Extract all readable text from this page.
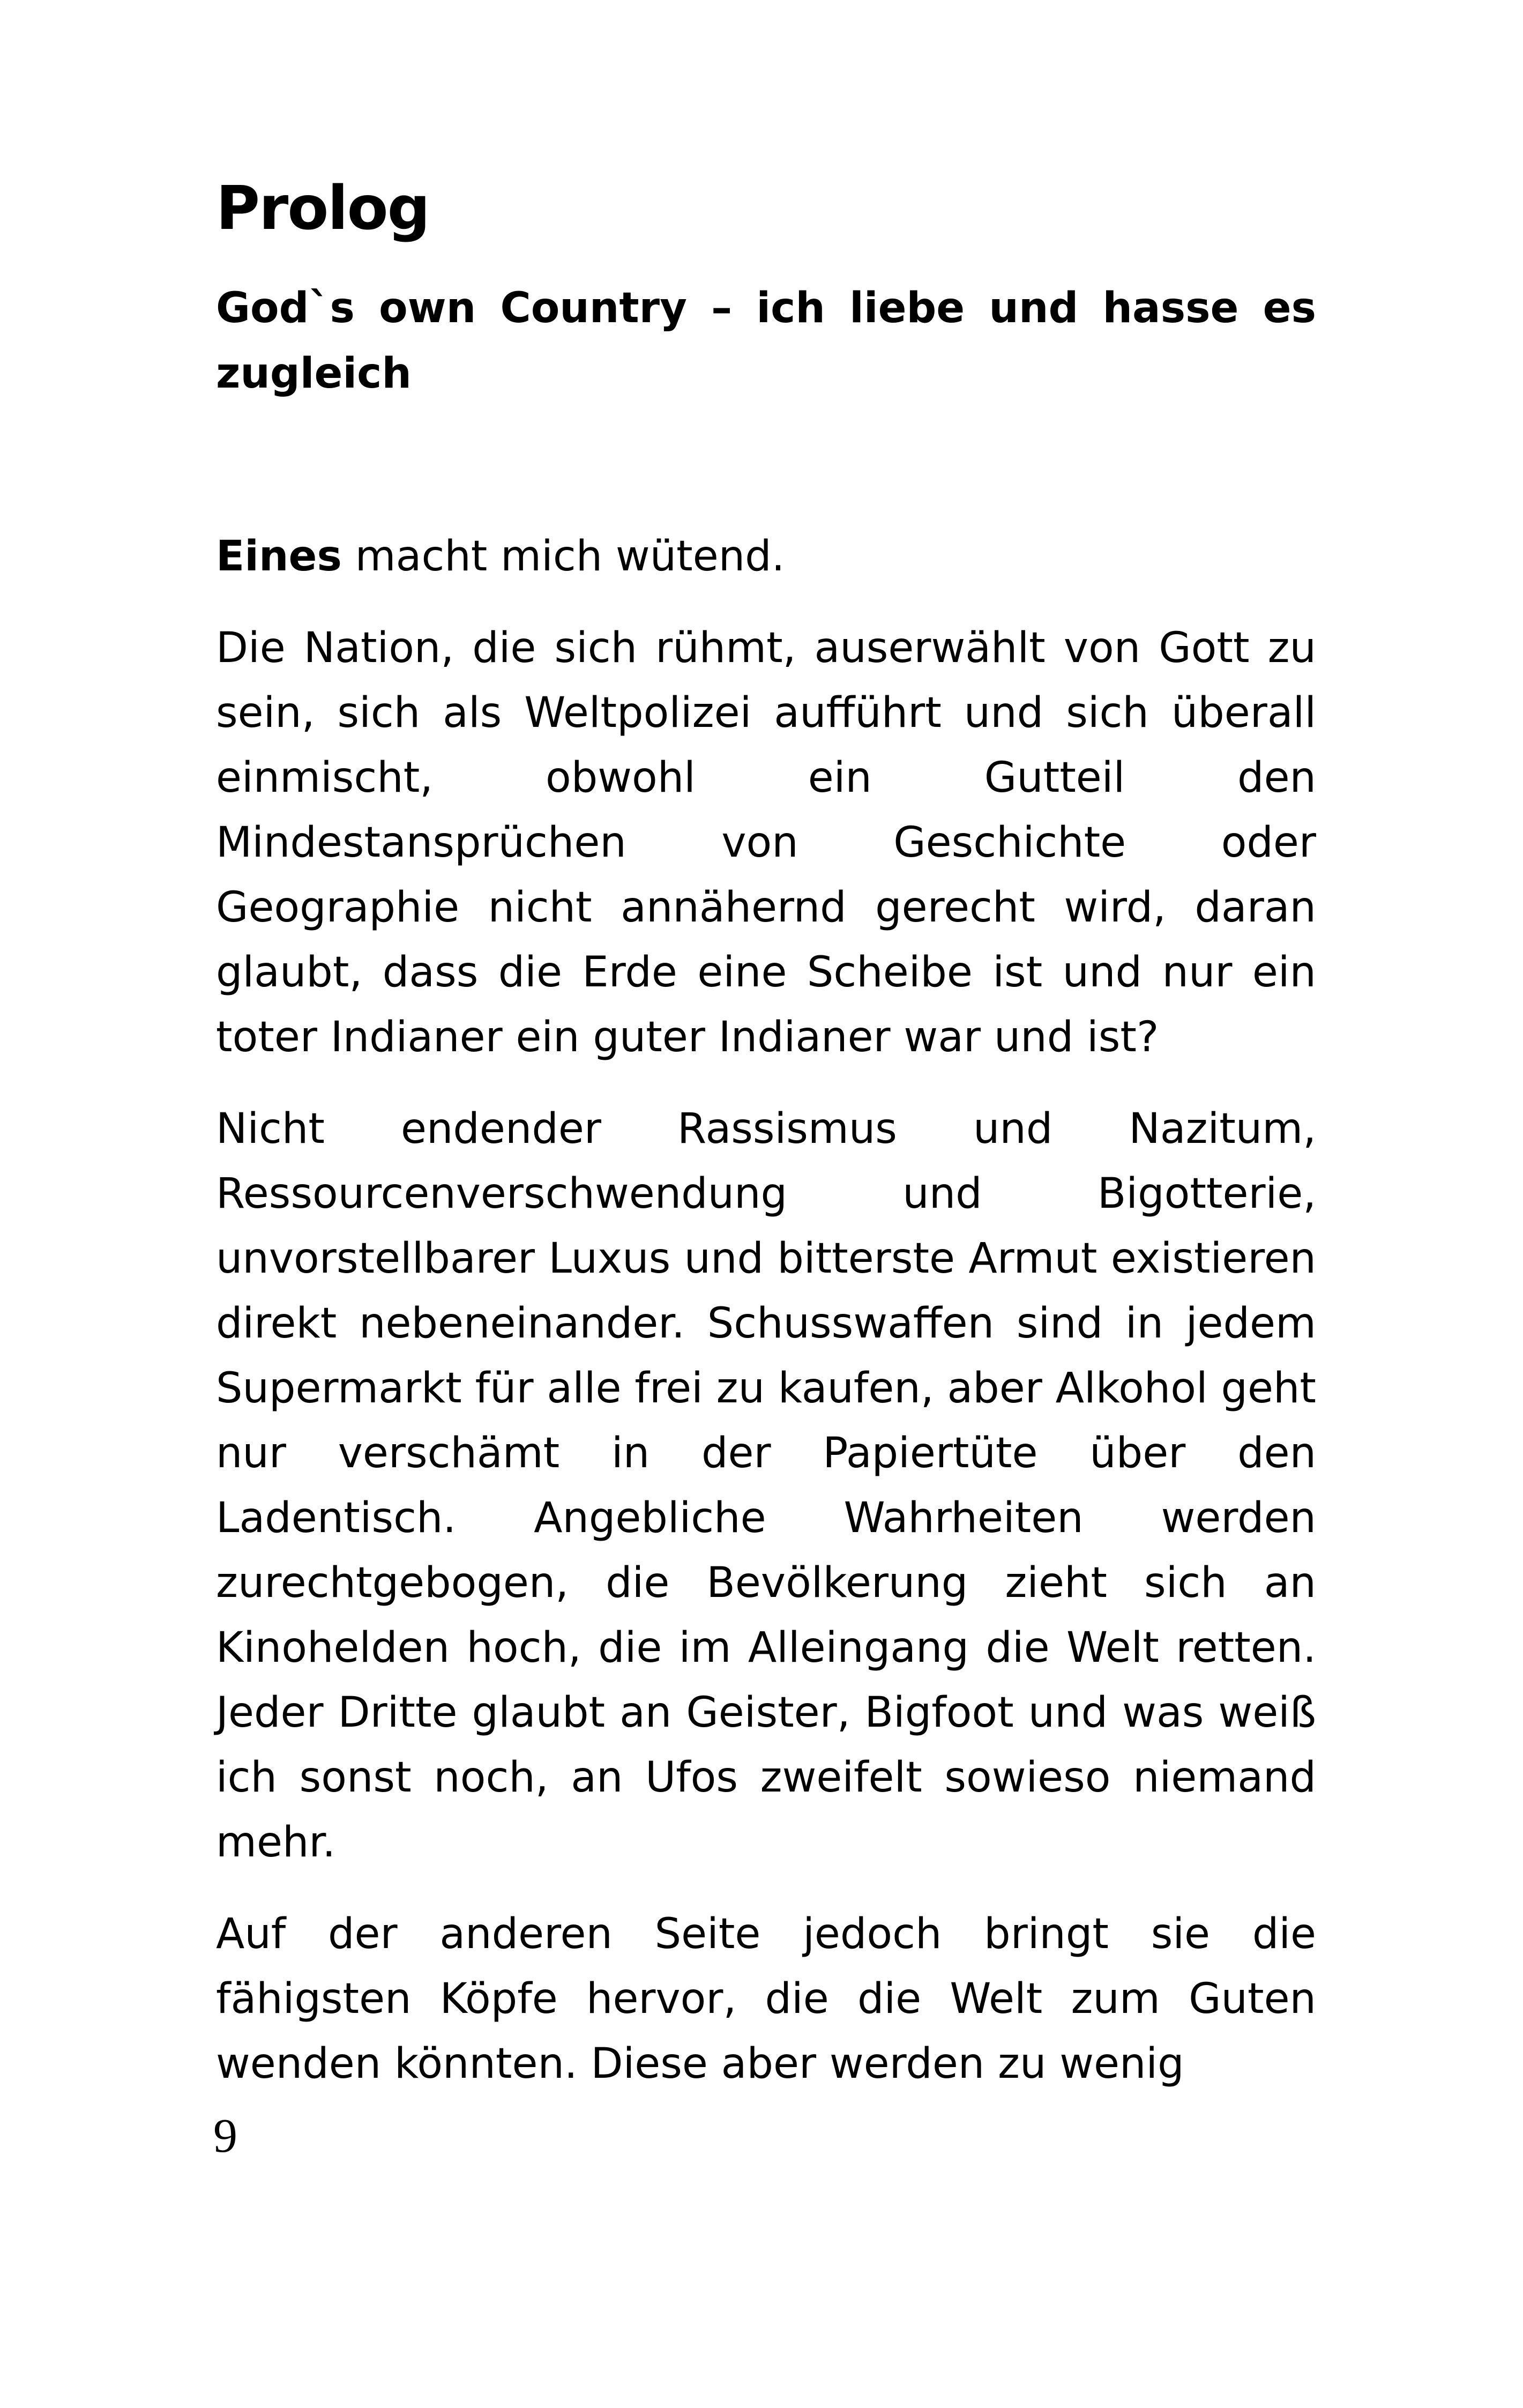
Prolog
God`s own Country – ich liebe und hasse es zugleich

Eines macht mich wütend.

Die Nation, die sich rühmt, auserwählt von Gott zu sein, sich als Weltpolizei aufführt und sich überall einmischt, obwohl ein Gutteil den Mindestansprüchen von Geschichte oder Geographie nicht annähernd gerecht wird, daran glaubt, dass die Erde eine Scheibe ist und nur ein toter Indianer ein guter Indianer war und ist?

Nicht endender Rassismus und Nazitum, Ressourcenverschwendung und Bigotterie, unvorstellbarer Luxus und bitterste Armut existieren direkt nebeneinander. Schusswaffen sind in jedem Supermarkt für alle frei zu kaufen, aber Alkohol geht nur verschämt in der Papiertüte über den Ladentisch. Angebliche Wahrheiten werden zurechtgebogen, die Bevölkerung zieht sich an Kinohelden hoch, die im Alleingang die Welt retten. Jeder Dritte glaubt an Geister, Bigfoot und was weiß ich sonst noch, an Ufos zweifelt sowieso niemand mehr.

Auf der anderen Seite jedoch bringt sie die fähigsten Köpfe hervor, die die Welt zum Guten wenden könnten. Diese aber werden zu wenig

9
